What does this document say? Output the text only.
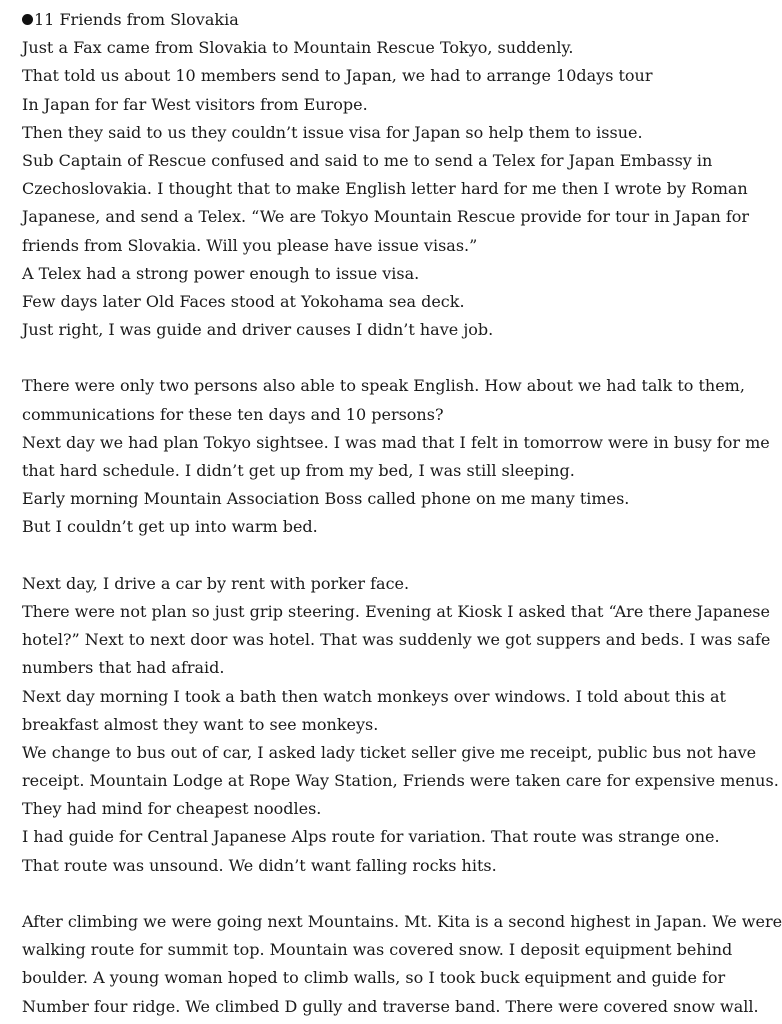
11 Friends from Slovakia
Just a Fax came from Slovakia to Mountain Rescue Tokyo, suddenly.
That told us about 10 members send to Japan, we had to arrange 10days tour
In Japan for far West visitors from Europe.
Then they said to us they couldn’t issue visa for Japan so help them to issue.
Sub Captain of Rescue confused and said to me to send a Telex for Japan Embassy in
Czechoslovakia. I thought that to make English letter hard for me then I wrote by Roman
Japanese, and send a Telex. “We are Tokyo Mountain Rescue provide for tour in Japan for
friends from Slovakia. Will you please have issue visas.”
A Telex had a strong power enough to issue visa.
Few days later Old Faces stood at Yokohama sea deck.
Just right, I was guide and driver causes I didn’t have job.
There were only two persons also able to speak English. How about we had talk to them,
communications for these ten days and 10 persons?
Next day we had plan Tokyo sightsee. I was mad that I felt in tomorrow were in busy for me
that hard schedule. I didn’t get up from my bed, I was still sleeping.
Early morning Mountain Association Boss called phone on me many times.
But I couldn’t get up into warm bed.
Next day, I drive a car by rent with porker face.
There were not plan so just grip steering. Evening at Kiosk I asked that “Are there Japanese
hotel?” Next to next door was hotel. That was suddenly we got suppers and beds. I was safe
numbers that had afraid.
Next day morning I took a bath then watch monkeys over windows. I told about this at
breakfast almost they want to see monkeys.
We change to bus out of car, I asked lady ticket seller give me receipt, public bus not have
receipt. Mountain Lodge at Rope Way Station, Friends were taken care for expensive menus.
They had mind for cheapest noodles.
I had guide for Central Japanese Alps route for variation. That route was strange one.
That route was unsound. We didn’t want falling rocks hits.
After climbing we were going next Mountains. Mt. Kita is a second highest in Japan. We were
walking route for summit top. Mountain was covered snow. I deposit equipment behind
boulder. A young woman hoped to climb walls, so I took buck equipment and guide for
Number four ridge. We climbed D gully and traverse band. There were covered snow wall.
